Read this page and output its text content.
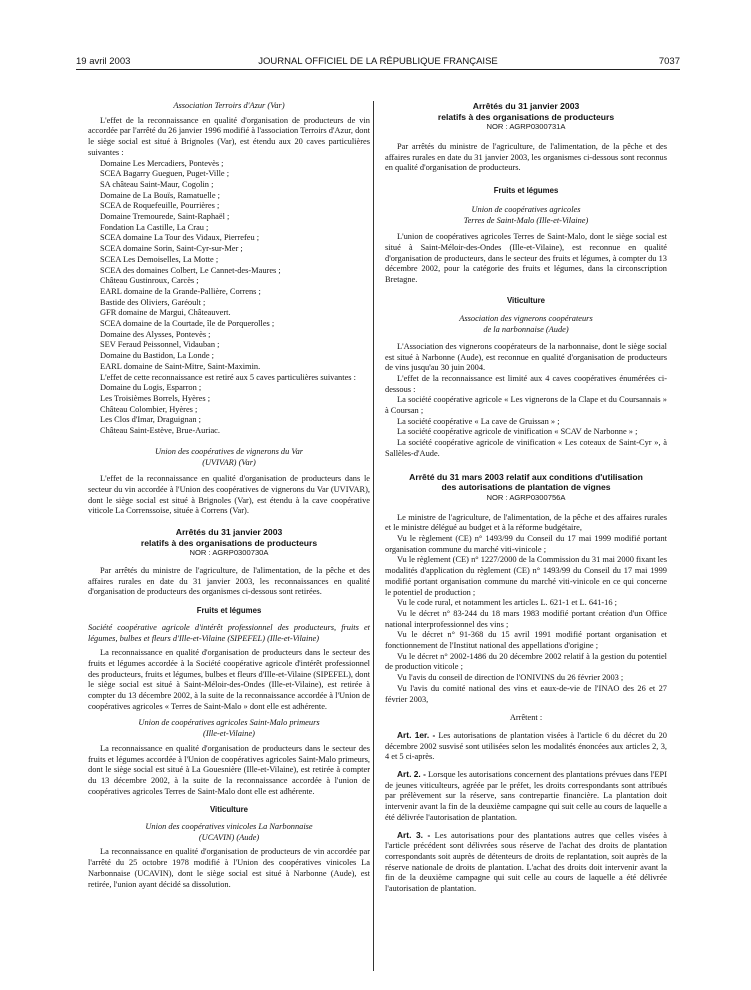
19 avril 2003	JOURNAL OFFICIEL DE LA RÉPUBLIQUE FRANÇAISE	7037

Association Terroirs d'Azur (Var)

L'effet de la reconnaissance en qualité d'organisation de producteurs de vin accordée par l'arrêté du 26 janvier 1996 modifié à l'association Terroirs d'Azur, dont le siège social est situé à Brignoles (Var), est étendu aux 20 caves particulières suivantes :

Domaine Les Mercadiers, Pontevès ;

SCEA Bagarry Gueguen, Puget-Ville ;

SA château Saint-Maur, Cogolin ;

Domaine de La Bouïs, Ramatuelle ;

SCEA de Roquefeuille, Pourrières ;

Domaine Tremourede, Saint-Raphaël ;

Fondation La Castille, La Crau ;

SCEA domaine La Tour des Vidaux, Pierrefeu ;

SCEA domaine Sorin, Saint-Cyr-sur-Mer ;

SCEA Les Demoiselles, La Motte ;

SCEA des domaines Colbert, Le Cannet-des-Maures ;

Château Gustinroux, Carcès ;

EARL domaine de la Grande-Pallière, Correns ;

Bastide des Oliviers, Garéoult ;

GFR domaine de Margui, Châteauvert.

SCEA domaine de la Courtade, île de Porquerolles ;

Domaine des Alysses, Pontevès ;

SEV Feraud Peissonnel, Vidauban ;

Domaine du Bastidon, La Londe ;

EARL domaine de Saint-Mitre, Saint-Maximin.

L'effet de cette reconnaissance est retiré aux 5 caves particulières suivantes :

Domaine du Logis, Esparron ;

Les Troisièmes Borrels, Hyères ;

Château Colombier, Hyères ;

Les Clos d'Imar, Draguignan ;

Château Saint-Estève, Brue-Auriac.

Union des coopératives de vignerons du Var

(UVIVAR) (Var)

L'effet de la reconnaissance en qualité d'organisation de producteurs dans le secteur du vin accordée à l'Union des coopératives de vignerons du Var (UVIVAR), dont le siège social est situé à Brignoles (Var), est étendu à la cave coopérative viticole La Correnssoise, située à Correns (Var).

Arrêtés du 31 janvier 2003

relatifs à des organisations de producteurs

NOR : AGRP0300730A

Par arrêtés du ministre de l'agriculture, de l'alimentation, de la pêche et des affaires rurales en date du 31 janvier 2003, les reconnaissances en qualité d'organisation de producteurs des organismes ci-dessous sont retirées.

Fruits et légumes

Société coopérative agricole d'intérêt professionnel des producteurs, fruits et légumes, bulbes et fleurs d'Ille-et-Vilaine (SIPEFEL) (Ille-et-Vilaine)

La reconnaissance en qualité d'organisation de producteurs dans le secteur des fruits et légumes accordée à la Société coopérative agricole d'intérêt professionnel des producteurs, fruits et légumes, bulbes et fleurs d'Ille-et-Vilaine (SIPEFEL), dont le siège social est situé à Saint-Méloir-des-Ondes (Ille-et-Vilaine), est retirée à compter du 13 décembre 2002, à la suite de la reconnaissance accordée à l'Union de coopératives agricoles « Terres de Saint-Malo » dont elle est adhérente.

Union de coopératives agricoles Saint-Malo primeurs

(Ille-et-Vilaine)

La reconnaissance en qualité d'organisation de producteurs dans le secteur des fruits et légumes accordée à l'Union de coopératives agricoles Saint-Malo primeurs, dont le siège social est situé à La Gouesnière (Ille-et-Vilaine), est retirée à compter du 13 décembre 2002, à la suite de la reconnaissance accordée à l'union de coopératives agricoles Terres de Saint-Malo dont elle est adhérente.

Viticulture

Union des coopératives vinicoles La Narbonnaise

(UCAVIN) (Aude)

La reconnaissance en qualité d'organisation de producteurs de vin accordée par l'arrêté du 25 octobre 1978 modifié à l'Union des coopératives vinicoles La Narbonnaise (UCAVIN), dont le siège social est situé à Narbonne (Aude), est retirée, l'union ayant décidé sa dissolution.

Arrêtés du 31 janvier 2003

relatifs à des organisations de producteurs

NOR : AGRP0300731A

Par arrêtés du ministre de l'agriculture, de l'alimentation, de la pêche et des affaires rurales en date du 31 janvier 2003, les organismes ci-dessous sont reconnus en qualité d'organisation de producteurs.

Fruits et légumes

Union de coopératives agricoles

Terres de Saint-Malo (Ille-et-Vilaine)

L'union de coopératives agricoles Terres de Saint-Malo, dont le siège social est situé à Saint-Méloir-des-Ondes (Ille-et-Vilaine), est reconnue en qualité d'organisation de producteurs, dans le secteur des fruits et légumes, à compter du 13 décembre 2002, pour la catégorie des fruits et légumes, dans la circonscription Bretagne.

Viticulture

Association des vignerons coopérateurs

de la narbonnaise (Aude)

L'Association des vignerons coopérateurs de la narbonnaise, dont le siège social est situé à Narbonne (Aude), est reconnue en qualité d'organisation de producteurs de vins jusqu'au 30 juin 2004.

L'effet de la reconnaissance est limité aux 4 caves coopératives énumérées ci-dessous :

La société coopérative agricole « Les vignerons de la Clape et du Coursannais » à Coursan ;

La société coopérative « La cave de Gruissan » ;

La société coopérative agricole de vinification « SCAV de Narbonne » ;

La société coopérative agricole de vinification « Les coteaux de Saint-Cyr », à Sallèles-d'Aude.

Arrêté du 31 mars 2003 relatif aux conditions d'utilisation

des autorisations de plantation de vignes

NOR : AGRP0300756A

Le ministre de l'agriculture, de l'alimentation, de la pêche et des affaires rurales et le ministre délégué au budget et à la réforme budgétaire,

Vu le règlement (CE) n° 1493/99 du Conseil du 17 mai 1999 modifié portant organisation commune du marché viti-vinicole ;

Vu le règlement (CE) n° 1227/2000 de la Commission du 31 mai 2000 fixant les modalités d'application du règlement (CE) n° 1493/99 du Conseil du 17 mai 1999 modifié portant organisation commune du marché viti-vinicole en ce qui concerne le potentiel de production ;

Vu le code rural, et notamment les articles L. 621-1 et L. 641-16 ;

Vu le décret n° 83-244 du 18 mars 1983 modifié portant création d'un Office national interprofessionnel des vins ;

Vu le décret n° 91-368 du 15 avril 1991 modifié portant organisation et fonctionnement de l'Institut national des appellations d'origine ;

Vu le décret n° 2002-1486 du 20 décembre 2002 relatif à la gestion du potentiel de production viticole ;

Vu l'avis du conseil de direction de l'ONIVINS du 26 février 2003 ;

Vu l'avis du comité national des vins et eaux-de-vie de l'INAO des 26 et 27 février 2003,

Arrêtent :

Art. 1er. - Les autorisations de plantation visées à l'article 6 du décret du 20 décembre 2002 susvisé sont utilisées selon les modalités énoncées aux articles 2, 3, 4 et 5 ci-après.

Art. 2. - Lorsque les autorisations concernent des plantations prévues dans l'EPI de jeunes viticulteurs, agréée par le préfet, les droits correspondants sont attribués par prélèvement sur la réserve, sans contrepartie financière. La plantation doit intervenir avant la fin de la deuxième campagne qui suit celle au cours de laquelle a été délivrée l'autorisation de plantation.

Art. 3. - Les autorisations pour des plantations autres que celles visées à l'article précédent sont délivrées sous réserve de l'achat des droits de plantation correspondants soit auprès de détenteurs de droits de replantation, soit auprès de la réserve nationale de droits de plantation. L'achat des droits doit intervenir avant la fin de la deuxième campagne qui suit celle au cours de laquelle a été délivrée l'autorisation de plantation.
